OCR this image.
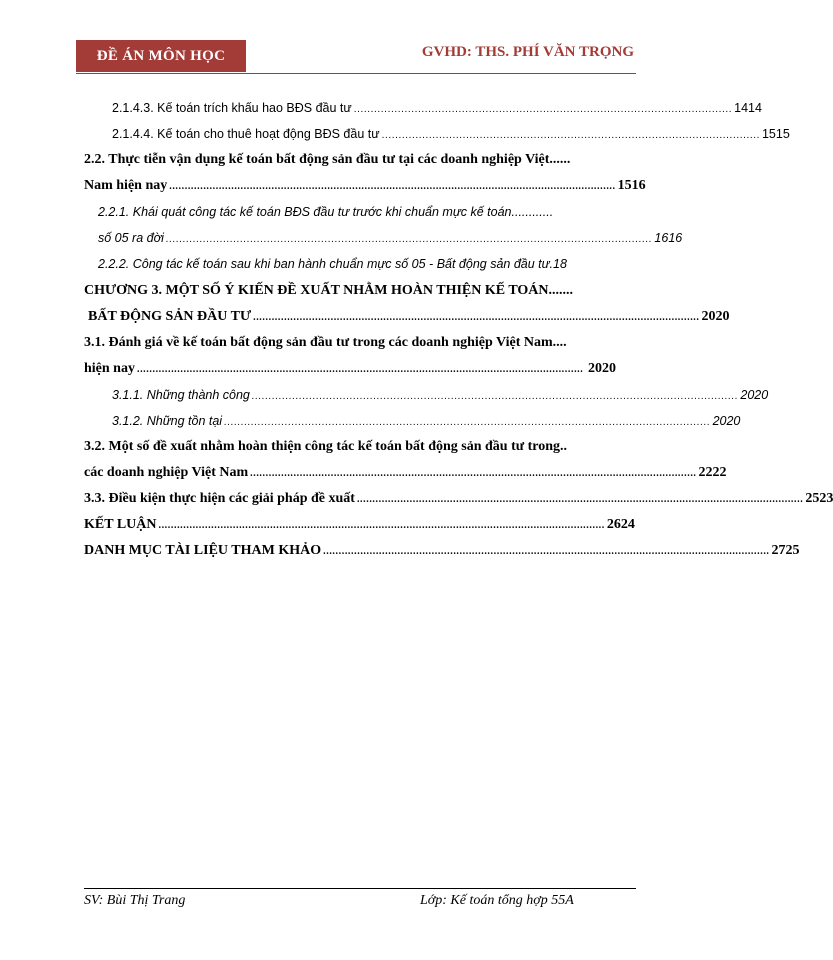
ĐỀ ÁN MÔN HỌC	GVHD: THS. PHÍ VĂN TRỌNG
2.1.4.3. Kế toán trích khấu hao BĐS đầu tư ................................................................................................................ 1414
2.1.4.4. Kế toán cho thuê hoạt động BĐS đầu tư ................................................................................................................ 1515
2.2. Thực tiễn vận dụng kế toán bất động sản đầu tư tại các doanh nghiệp Việt......
Nam hiện nay ................................................................................................................................................ 1516
2.2.1. Khái quát công tác kế toán BĐS đầu tư trước khi chuẩn mực kế toán............
số 05 ra đời ................................................................................................................................................ 1616
2.2.2. Công tác kế toán sau khi ban hành chuẩn mực số 05 - Bất động sản đầu tư.18
CHƯƠNG 3. MỘT SỐ Ý KIẾN ĐỀ XUẤT NHẰM HOÀN THIỆN KẾ TOÁN.......
BẤT ĐỘNG SẢN ĐẦU TƯ ................................................................................................................................................ 2020
3.1. Đánh giá về kế toán bất động sản đầu tư trong các doanh nghiệp Việt Nam....
hiện nay ................................................................................................................................................ 2020
3.1.1. Những thành công ................................................................................................................................................ 2020
3.1.2. Những tồn tại ................................................................................................................................................ 2020
3.2. Một số đề xuất nhằm hoàn thiện công tác kế toán bất động sản đầu tư trong..
các doanh nghiệp Việt Nam ................................................................................................................................................ 2222
3.3. Điều kiện thực hiện các giải pháp đề xuất ................................................................................................................................................ 2523
KẾT LUẬN ................................................................................................................................................ 2624
DANH MỤC TÀI LIỆU THAM KHẢO ................................................................................................................................................ 2725
SV: Bùi Thị Trang	Lớp: Kế toán tổng hợp 55A
